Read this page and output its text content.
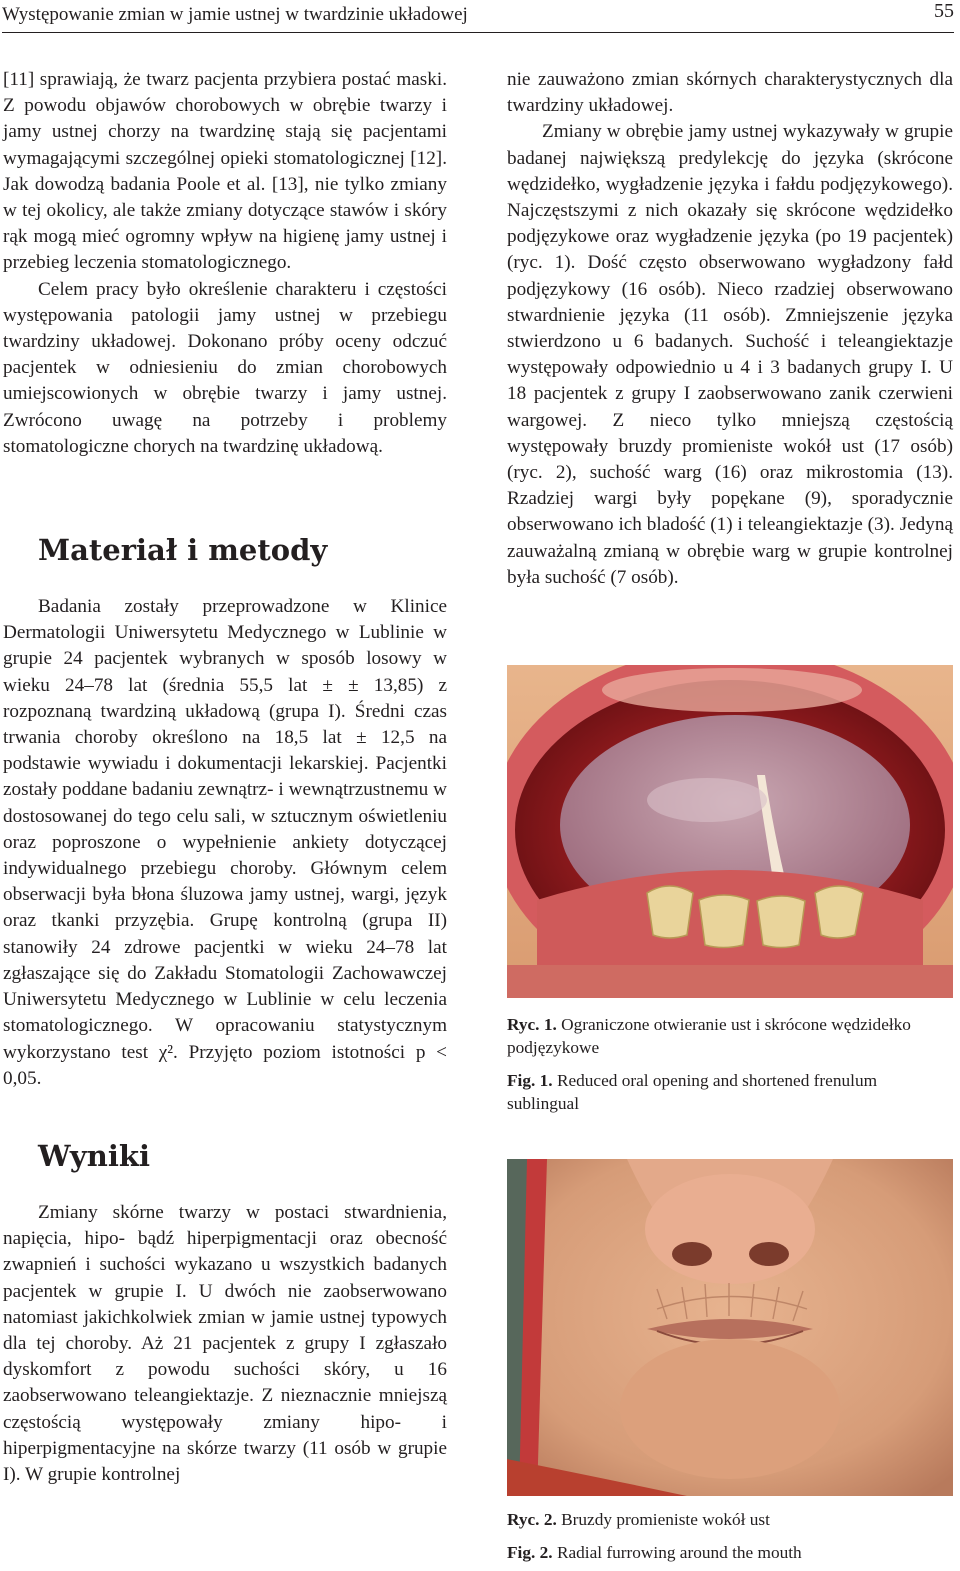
Występowanie zmian w jamie ustnej w twardzinie układowej	55

[11] sprawiają, że twarz pacjenta przybiera postać maski. Z powodu objawów chorobowych w obrębie twarzy i jamy ustnej chorzy na twardzinę stają się pacjentami wymagającymi szczególnej opieki stomatologicznej [12]. Jak dowodzą badania Poole et al. [13], nie tylko zmiany w tej okolicy, ale także zmiany dotyczące stawów i skóry rąk mogą mieć ogromny wpływ na higienę jamy ustnej i przebieg leczenia stomatologicznego.

Celem pracy było określenie charakteru i częstości występowania patologii jamy ustnej w przebiegu twardziny układowej. Dokonano próby oceny odczuć pacjentek w odniesieniu do zmian chorobowych umiejscowionych w obrębie twarzy i jamy ustnej. Zwrócono uwagę na potrzeby i problemy stomatologiczne chorych na twardzinę układową.

Materiał i metody

Badania zostały przeprowadzone w Klinice Dermatologii Uniwersytetu Medycznego w Lublinie w grupie 24 pacjentek wybranych w sposób losowy w wieku 24–78 lat (średnia 55,5 lat ± ± 13,85) z rozpoznaną twardziną układową (grupa I). Średni czas trwania choroby określono na 18,5 lat ± 12,5 na podstawie wywiadu i dokumentacji lekarskiej. Pacjentki zostały poddane badaniu zewnątrz- i wewnątrzustnemu w dostosowanej do tego celu sali, w sztucznym oświetleniu oraz poproszone o wypełnienie ankiety dotyczącej indywidualnego przebiegu choroby. Głównym celem obserwacji była błona śluzowa jamy ustnej, wargi, język oraz tkanki przyzębia. Grupę kontrolną (grupa II) stanowiły 24 zdrowe pacjentki w wieku 24–78 lat zgłaszające się do Zakładu Stomatologii Zachowawczej Uniwersytetu Medycznego w Lublinie w celu leczenia stomatologicznego. W opracowaniu statystycznym wykorzystano test χ². Przyjęto poziom istotności p < 0,05.

Wyniki

Zmiany skórne twarzy w postaci stwardnienia, napięcia, hipo- bądź hiperpigmentacji oraz obecność zwapnień i suchości wykazano u wszystkich badanych pacjentek w grupie I. U dwóch nie zaobserwowano natomiast jakichkolwiek zmian w jamie ustnej typowych dla tej choroby. Aż 21 pacjentek z grupy I zgłaszało dyskomfort z powodu suchości skóry, u 16 zaobserwowano teleangiektazje. Z nieznacznie mniejszą częstością występowały zmiany hipo- i hiperpigmentacyjne na skórze twarzy (11 osób w grupie I). W grupie kontrolnej

nie zauważono zmian skórnych charakterystycznych dla twardziny układowej.

Zmiany w obrębie jamy ustnej wykazywały w grupie badanej największą predylekcję do języka (skrócone wędzidełko, wygładzenie języka i fałdu podjęzykowego). Najczęstszymi z nich okazały się skrócone wędzidełko podjęzykowe oraz wygładzenie języka (po 19 pacjentek) (ryc. 1). Dość często obserwowano wygładzony fałd podjęzykowy (16 osób). Nieco rzadziej obserwowano stwardnienie języka (11 osób). Zmniejszenie języka stwierdzono u 6 badanych. Suchość i teleangiektazje występowały odpowiednio u 4 i 3 badanych grupy I. U 18 pacjentek z grupy I zaobserwowano zanik czerwieni wargowej. Z nieco tylko mniejszą częstością występowały bruzdy promieniste wokół ust (17 osób) (ryc. 2), suchość warg (16) oraz mikrostomia (13). Rzadziej wargi były popękane (9), sporadycznie obserwowano ich bladość (1) i teleangiektazje (3). Jedyną zauważalną zmianą w obrębie warg w grupie kontrolnej była suchość (7 osób).

Ryc. 1. Ograniczone otwieranie ust i skrócone wędzidełko podjęzykowe
Fig. 1. Reduced oral opening and shortened frenulum sublingual
Ryc. 2. Bruzdy promieniste wokół ust
Fig. 2. Radial furrowing around the mouth
